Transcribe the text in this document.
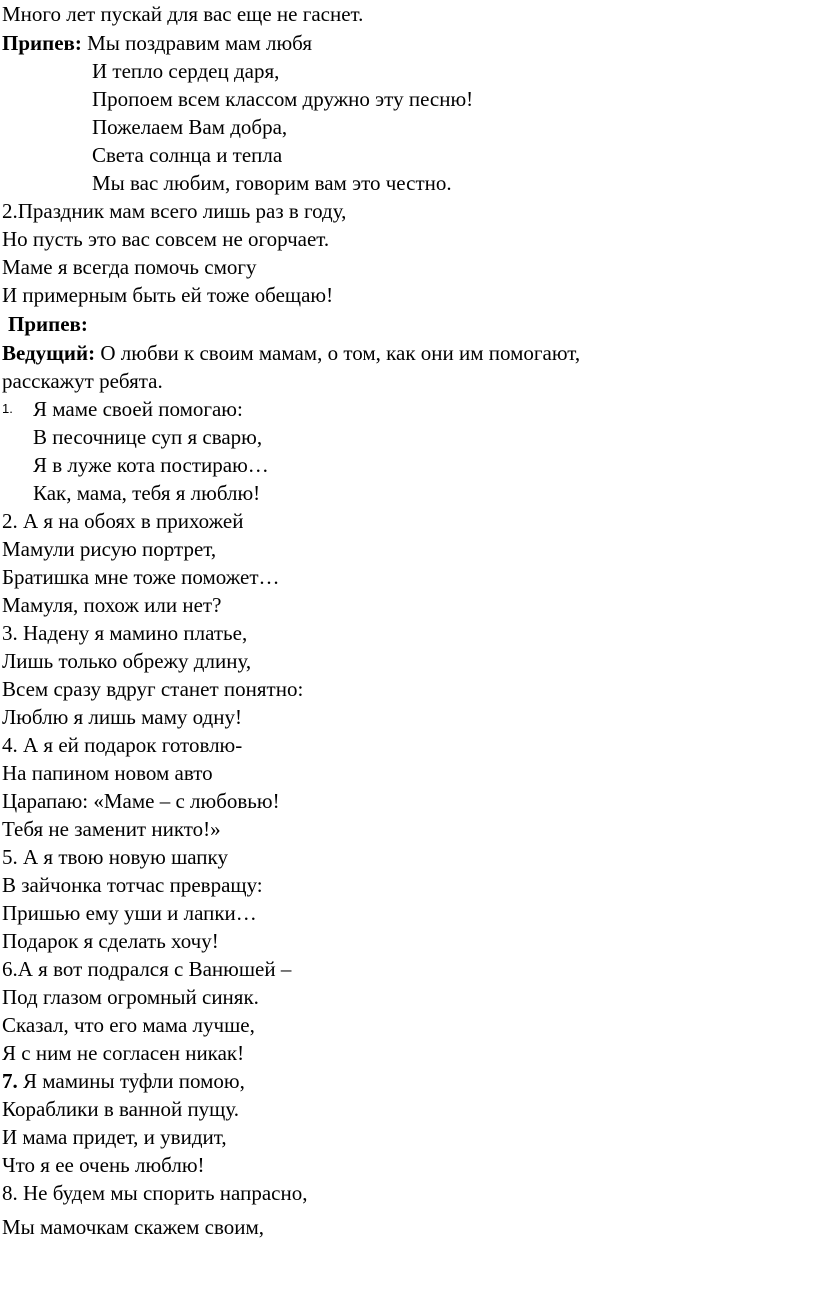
Много лет пускай для вас еще не гаснет.
Припев: Мы поздравим мам любя
И тепло сердец даря,
Пропоем всем классом дружно эту песню!
Пожелаем Вам добра,
Света солнца и тепла
Мы вас любим, говорим вам это честно.
2.Праздник мам всего лишь раз в году,
Но пусть это вас совсем не огорчает.
Маме я всегда помочь смогу
И примерным быть ей тоже обещаю!
Припев:
Ведущий: О любви к своим мамам, о том, как они им помогают,
расскажут ребята.
1. Я маме своей помогаю:
В песочнице суп я сварю,
Я в луже кота постираю…
Как, мама, тебя я люблю!
2. А я на обоях в прихожей
Мамули рисую портрет,
Братишка мне тоже поможет…
Мамуля, похож или нет?
3. Надену я мамино платье,
Лишь только обрежу длину,
Всем сразу вдруг станет понятно:
Люблю я лишь маму одну!
4. А я ей подарок готовлю-
На папином новом авто
Царапаю: «Маме – с любовью!
Тебя не заменит никто!»
5. А я твою новую шапку
В зайчонка тотчас превращу:
Пришью ему уши и лапки…
Подарок я сделать хочу!
6.А я вот подрался с Ванюшей –
Под глазом огромный синяк.
Сказал, что его мама лучше,
Я с ним не согласен никак!
7. Я мамины туфли помою,
Кораблики в ванной пущу.
И мама придет, и увидит,
Что я ее очень люблю!
8. Не будем мы спорить напрасно,
Мы мамочкам скажем своим,
